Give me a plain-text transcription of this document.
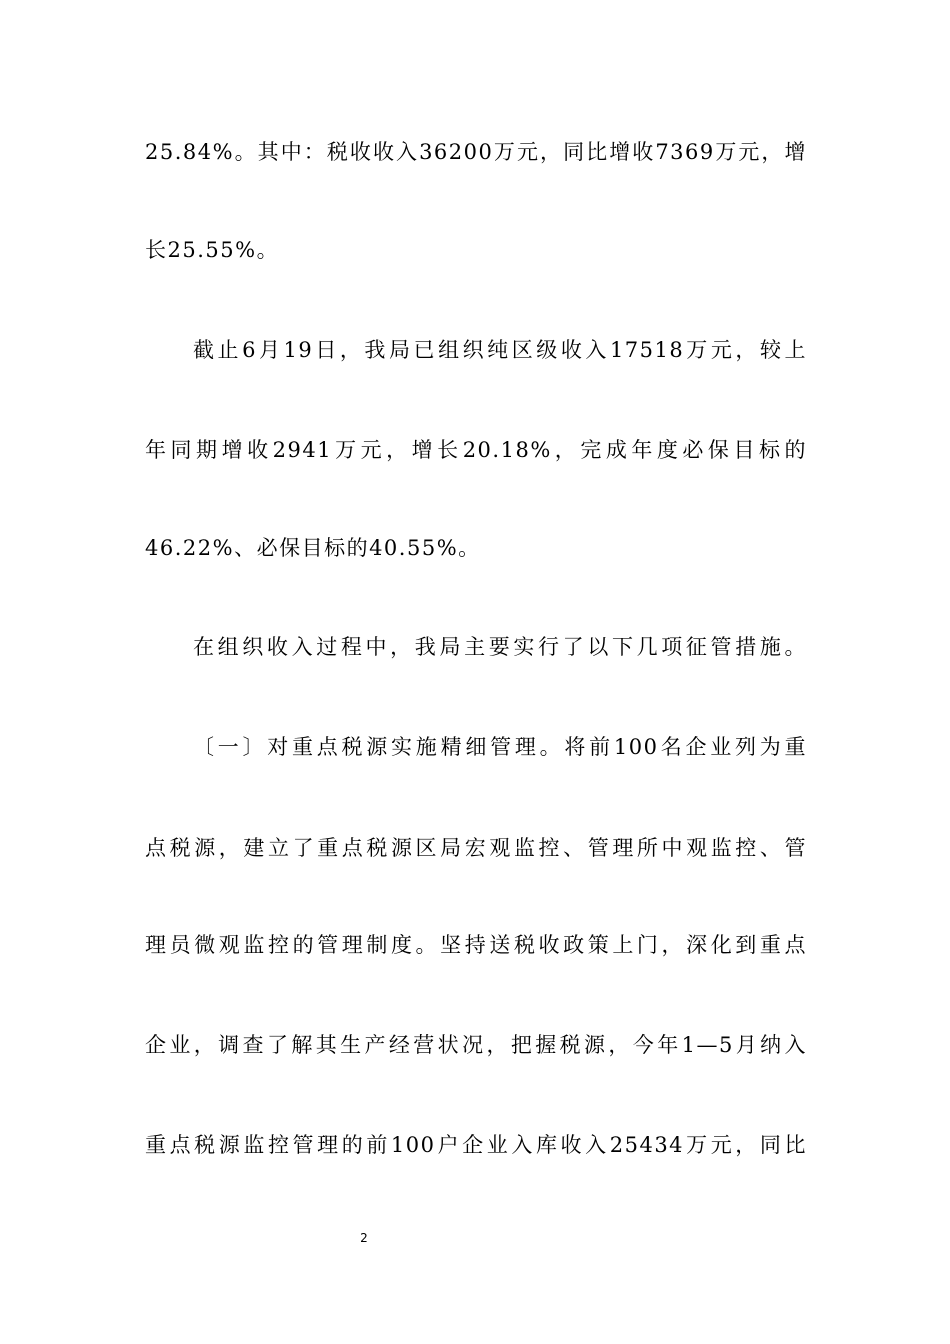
25.84%。其中：税收收入36200万元，同比增收7369万元，增
长25.55%。
截止6月19日，我局已组织纯区级收入17518万元，较上
年同期增收2941万元，增长20.18%，完成年度必保目标的
46.22%、必保目标的40.55%。
在组织收入过程中，我局主要实行了以下几项征管措施。
〔一〕对重点税源实施精细管理。将前100名企业列为重
点税源，建立了重点税源区局宏观监控、管理所中观监控、管
理员微观监控的管理制度。坚持送税收政策上门，深化到重点
企业，调查了解其生产经营状况，把握税源，今年1—5月纳入
重点税源监控管理的前100户企业入库收入25434万元，同比
2
